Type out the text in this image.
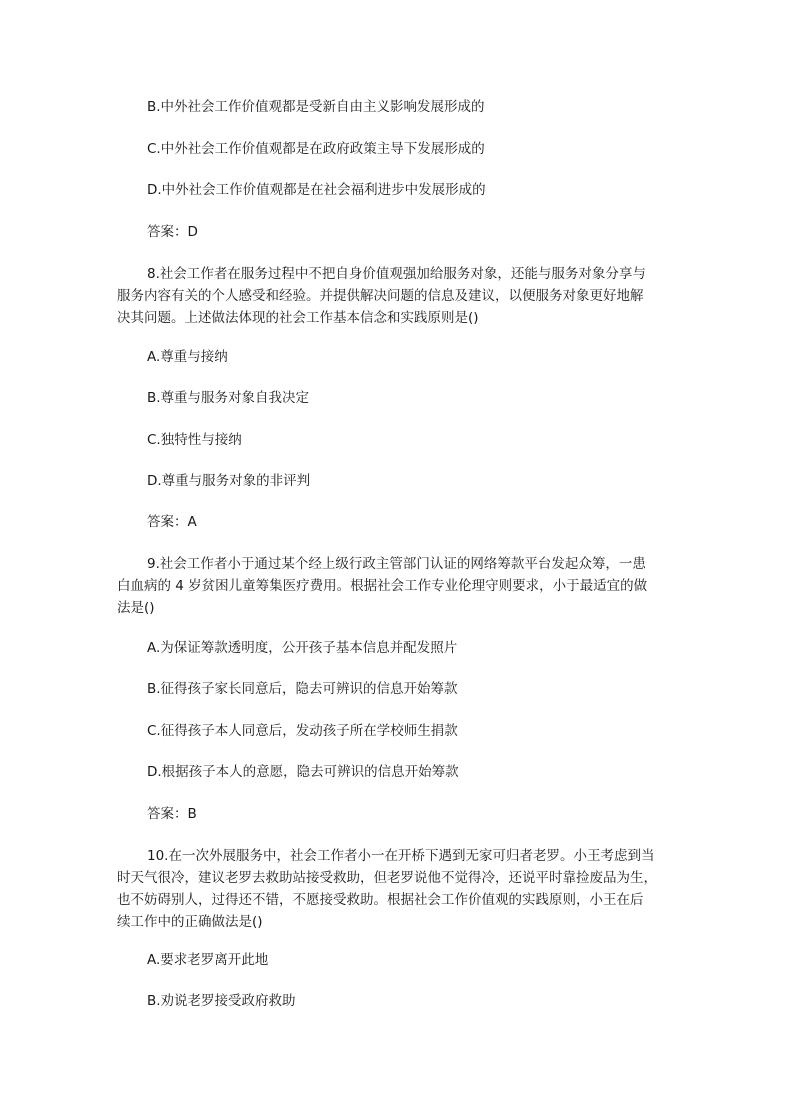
B.中外社会工作价值观都是受新自由主义影响发展形成的
C.中外社会工作价值观都是在政府政策主导下发展形成的
D.中外社会工作价值观都是在社会福利进步中发展形成的
答案：D
8.社会工作者在服务过程中不把自身价值观强加给服务对象，还能与服务对象分享与
服务内容有关的个人感受和经验。并提供解决问题的信息及建议，以便服务对象更好地解
决其问题。上述做法体现的社会工作基本信念和实践原则是()
A.尊重与接纳
B.尊重与服务对象自我决定
C.独特性与接纳
D.尊重与服务对象的非评判
答案：A
9.社会工作者小于通过某个经上级行政主管部门认证的网络筹款平台发起众筹，一患
白血病的 4 岁贫困儿童筹集医疗费用。根据社会工作专业伦理守则要求，小于最适宜的做
法是()
A.为保证筹款透明度，公开孩子基本信息并配发照片
B.征得孩子家长同意后，隐去可辨识的信息开始筹款
C.征得孩子本人同意后，发动孩子所在学校师生捐款
D.根据孩子本人的意愿，隐去可辨识的信息开始筹款
答案：B
10.在一次外展服务中，社会工作者小一在开桥下遇到无家可归者老罗。小王考虑到当
时天气很冷，建议老罗去救助站接受救助，但老罗说他不觉得冷，还说平时靠捡废品为生，
也不妨碍别人，过得还不错，不愿接受救助。根据社会工作价值观的实践原则，小王在后
续工作中的正确做法是()
A.要求老罗离开此地
B.劝说老罗接受政府救助
